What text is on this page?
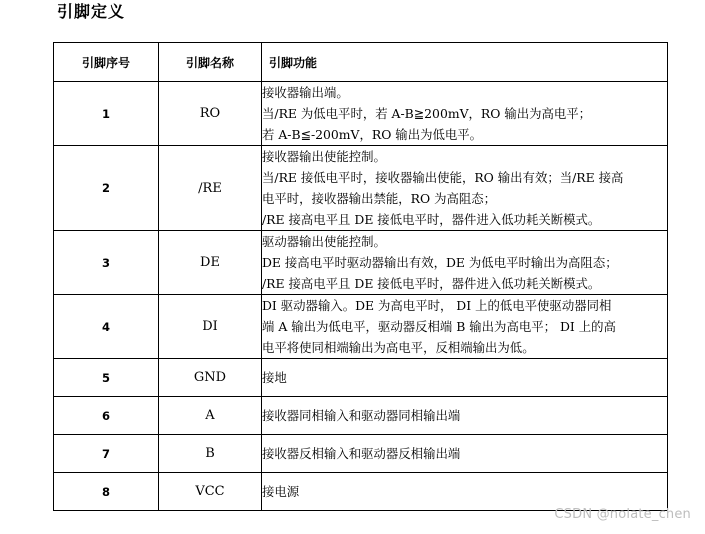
引脚定义
引脚序号	引脚名称	引脚功能
1	RO	接收器输出端。
当/RE 为低电平时，若 A-B≧200mV，RO 输出为高电平；
若 A-B≦-200mV，RO 输出为低电平。

2	/RE	接收器输出使能控制。
当/RE 接低电平时，接收器输出使能，RO 输出有效；当/RE 接高
电平时，接收器输出禁能，RO 为高阻态；
/RE 接高电平且 DE 接低电平时，器件进入低功耗关断模式。

3	DE	驱动器输出使能控制。
DE 接高电平时驱动器输出有效，DE 为低电平时输出为高阻态；
/RE 接高电平且 DE 接低电平时，器件进入低功耗关断模式。

4	DI	DI 驱动器输入。DE 为高电平时， DI 上的低电平使驱动器同相
端 A 输出为低电平，驱动器反相端 B 输出为高电平； DI 上的高
电平将使同相端输出为高电平，反相端输出为低。

5	GND	接地

6	A	接收器同相输入和驱动器同相输出端

7	B	接收器反相输入和驱动器反相输出端

8	VCC	接电源
CSDN @nolate_chen
